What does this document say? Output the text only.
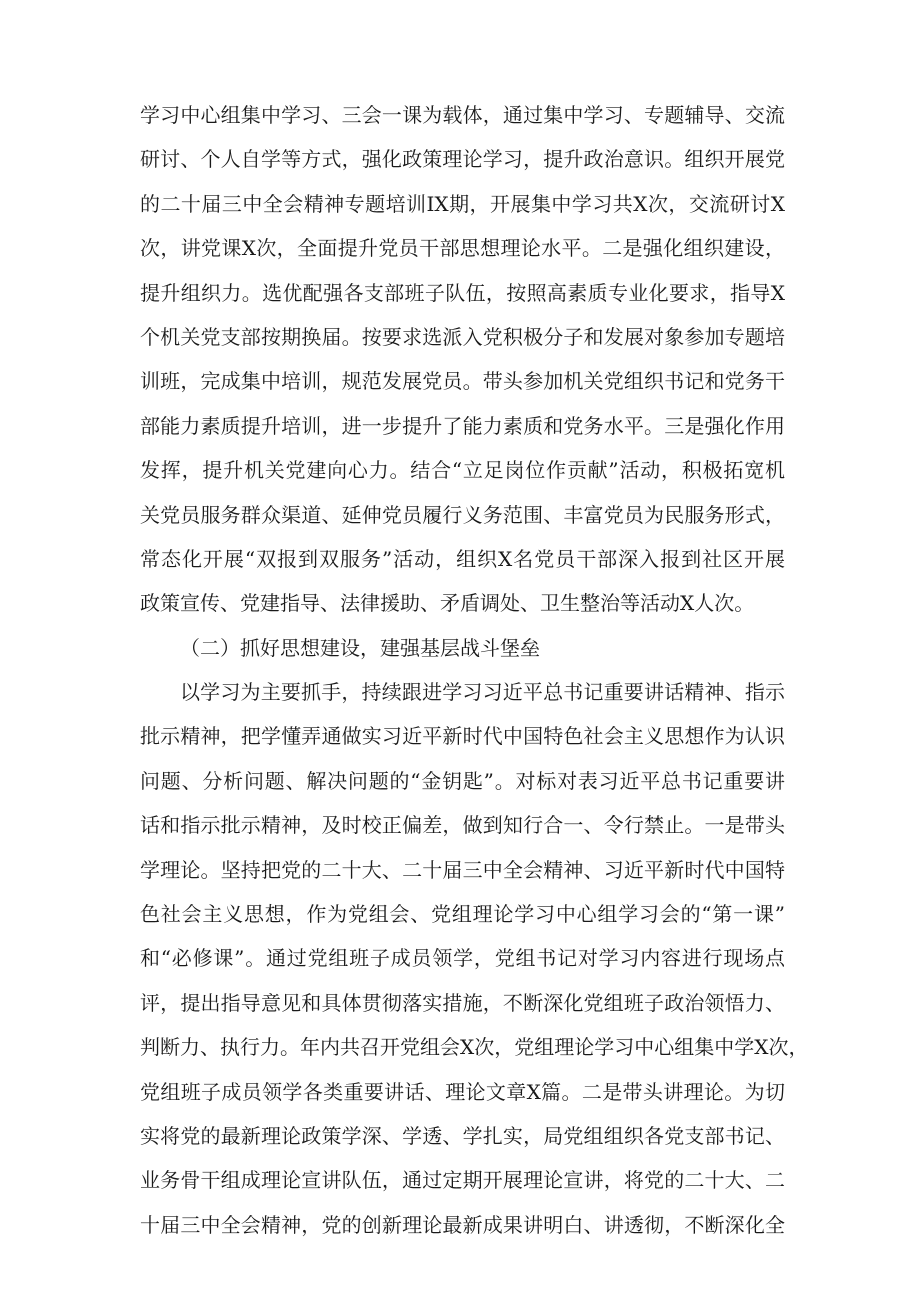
学习中心组集中学习、三会一课为载体，通过集中学习、专题辅导、交流
研讨、个人自学等方式，强化政策理论学习，提升政治意识。组织开展党
的二十届三中全会精神专题培训IX期，开展集中学习共X次，交流研讨X
次，讲党课X次，全面提升党员干部思想理论水平。二是强化组织建设，
提升组织力。选优配强各支部班子队伍，按照高素质专业化要求，指导X
个机关党支部按期换届。按要求选派入党积极分子和发展对象参加专题培
训班，完成集中培训，规范发展党员。带头参加机关党组织书记和党务干
部能力素质提升培训，进一步提升了能力素质和党务水平。三是强化作用
发挥，提升机关党建向心力。结合“立足岗位作贡献”活动，积极拓宽机
关党员服务群众渠道、延伸党员履行义务范围、丰富党员为民服务形式，
常态化开展“双报到双服务”活动，组织X名党员干部深入报到社区开展
政策宣传、党建指导、法律援助、矛盾调处、卫生整治等活动X人次。
（二）抓好思想建设，建强基层战斗堡垒
以学习为主要抓手，持续跟进学习习近平总书记重要讲话精神、指示
批示精神，把学懂弄通做实习近平新时代中国特色社会主义思想作为认识
问题、分析问题、解决问题的“金钥匙”。对标对表习近平总书记重要讲
话和指示批示精神，及时校正偏差，做到知行合一、令行禁止。一是带头
学理论。坚持把党的二十大、二十届三中全会精神、习近平新时代中国特
色社会主义思想，作为党组会、党组理论学习中心组学习会的“第一课”
和“必修课”。通过党组班子成员领学，党组书记对学习内容进行现场点
评，提出指导意见和具体贯彻落实措施，不断深化党组班子政治领悟力、
判断力、执行力。年内共召开党组会X次，党组理论学习中心组集中学X次，
党组班子成员领学各类重要讲话、理论文章X篇。二是带头讲理论。为切
实将党的最新理论政策学深、学透、学扎实，局党组组织各党支部书记、
业务骨干组成理论宣讲队伍，通过定期开展理论宣讲，将党的二十大、二
十届三中全会精神，党的创新理论最新成果讲明白、讲透彻，不断深化全
